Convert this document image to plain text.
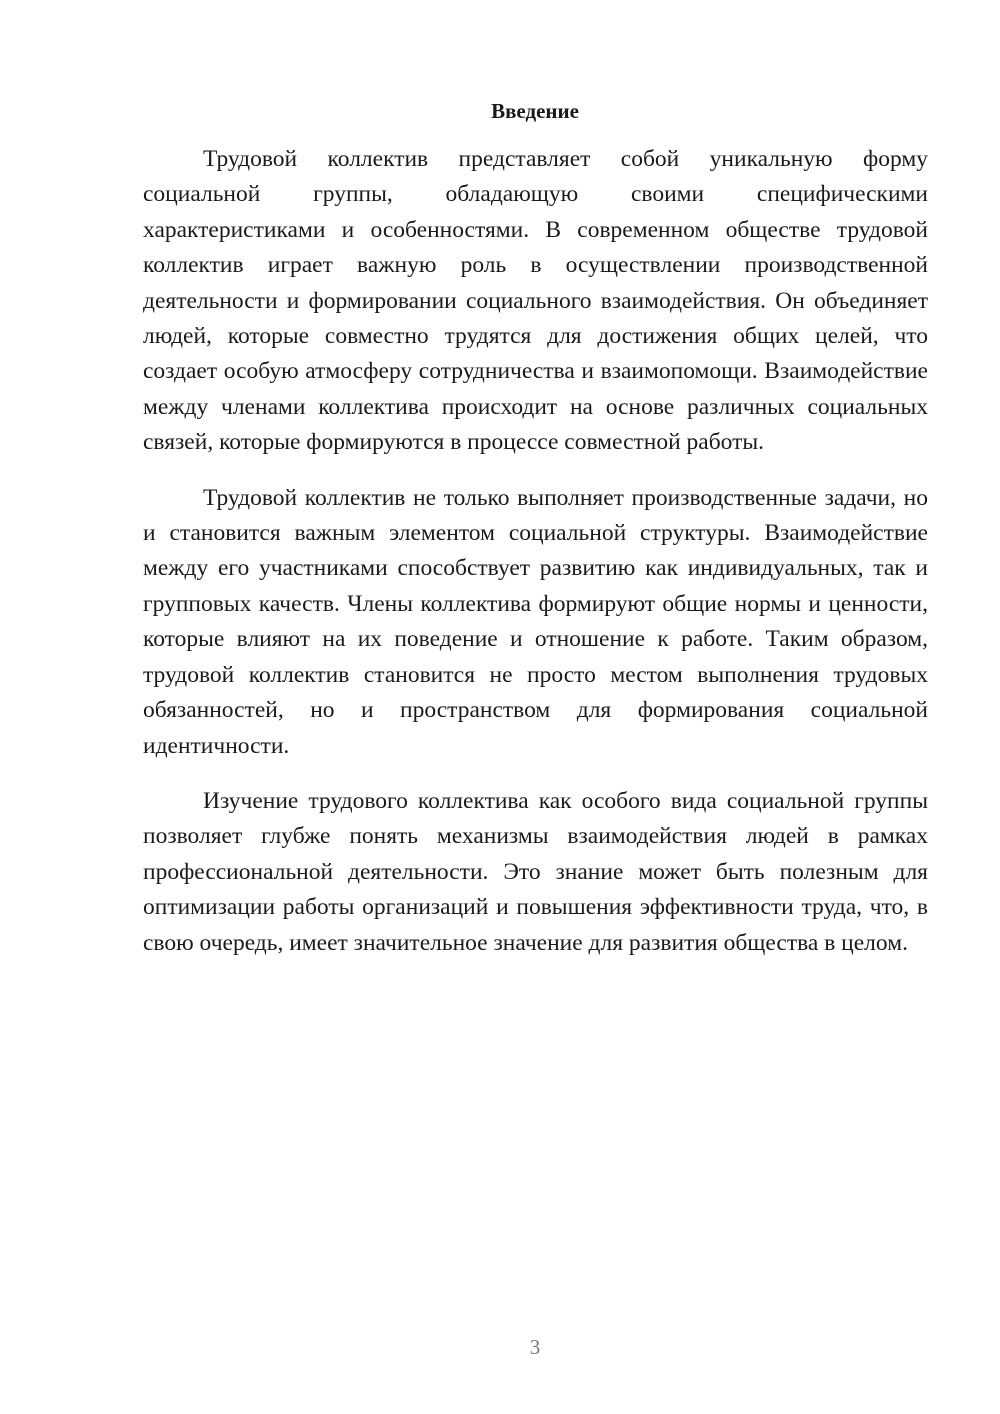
Введение

Трудовой коллектив представляет собой уникальную форму социальной группы, обладающую своими специфическими характеристиками и особенностями. В современном обществе трудовой коллектив играет важную роль в осуществлении производственной деятельности и формировании социального взаимодействия. Он объединяет людей, которые совместно трудятся для достижения общих целей, что создает особую атмосферу сотрудничества и взаимопомощи. Взаимодействие между членами коллектива происходит на основе различных социальных связей, которые формируются в процессе совместной работы.

Трудовой коллектив не только выполняет производственные задачи, но и становится важным элементом социальной структуры. Взаимодействие между его участниками способствует развитию как индивидуальных, так и групповых качеств. Члены коллектива формируют общие нормы и ценности, которые влияют на их поведение и отношение к работе. Таким образом, трудовой коллектив становится не просто местом выполнения трудовых обязанностей, но и пространством для формирования социальной идентичности.

Изучение трудового коллектива как особого вида социальной группы позволяет глубже понять механизмы взаимодействия людей в рамках профессиональной деятельности. Это знание может быть полезным для оптимизации работы организаций и повышения эффективности труда, что, в свою очередь, имеет значительное значение для развития общества в целом.

3
